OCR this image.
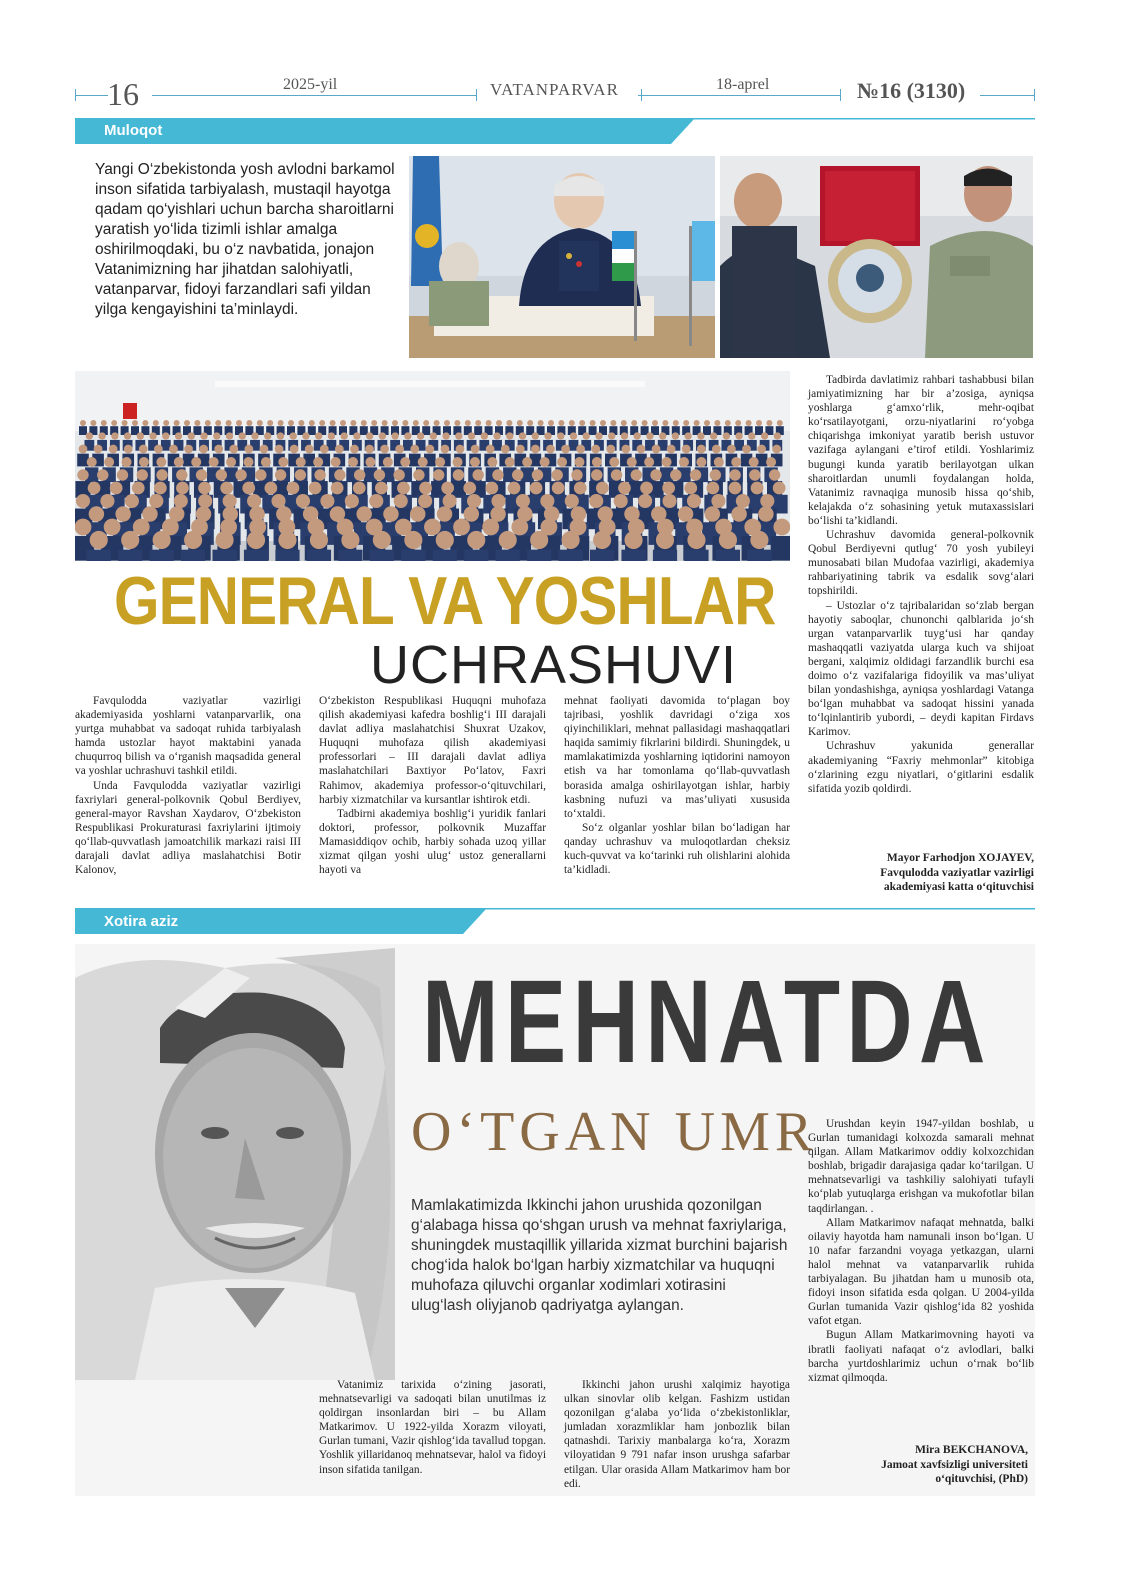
16	2025-yil	VATANPARVAR	18-aprel	№16 (3130)
Muloqot
Yangi O‘zbekistonda yosh avlodni barkamol inson sifatida tarbiyalash, mustaqil hayotga qadam qo‘yishlari uchun barcha sharoitlarni yaratish yo‘lida tizimli ishlar amalga oshirilmoqdaki, bu o‘z navbatida, jonajon Vatanimizning har jihatdan salohiyatli, vatanparvar, fidoyi farzandlari safi yildan yilga kengayishini ta’minlaydi.
GENERAL VA YOSHLAR
UCHRASHUVI

Favqulodda vaziyatlar vazirligi akademiyasida yoshlarni vatanparvarlik, ona yurtga muhabbat va sadoqat ruhida tarbiyalash hamda ustozlar hayot maktabini yanada chuqurroq bilish va o‘rganish maqsadida general va yoshlar uchrashuvi tashkil etildi.

Unda Favqulodda vaziyatlar vazirligi faxriylari general-polkovnik Qobul Berdiyev, general-mayor Ravshan Xaydarov, O‘zbekiston Respublikasi Prokuraturasi faxriylarini ijtimoiy qo‘llab-quvvatlash jamoatchilik markazi raisi III darajali davlat adliya maslahatchisi Botir Kalonov,

O‘zbekiston Respublikasi Huquqni muhofaza qilish akademiyasi kafedra boshlig‘i III darajali davlat adliya maslahatchisi Shuxrat Uzakov, Huquqni muhofaza qilish akademiyasi professorlari – III darajali davlat adliya maslahatchilari Baxtiyor Po‘latov, Faxri Rahimov, akademiya professor-o‘qituvchilari, harbiy xizmatchilar va kursantlar ishtirok etdi.

Tadbirni akademiya boshlig‘i yuridik fanlari doktori, professor, polkovnik Muzaffar Mamasiddiqov ochib, harbiy sohada uzoq yillar xizmat qilgan yoshi ulug‘ ustoz generallarni hayoti va

mehnat faoliyati davomida to‘plagan boy tajribasi, yoshlik davridagi o‘ziga xos qiyinchiliklari, mehnat pallasidagi mashaqqatlari haqida samimiy fikrlarini bildirdi. Shuningdek, u mamlakatimizda yoshlarning iqtidorini namoyon etish va har tomonlama qo‘llab-quvvatlash borasida amalga oshirilayotgan ishlar, harbiy kasbning nufuzi va mas’uliyati xususida to‘xtaldi.

So‘z olganlar yoshlar bilan bo‘ladigan har qanday uchrashuv va muloqotlardan cheksiz kuch-quvvat va ko‘tarinki ruh olishlarini alohida ta’kidladi.

Tadbirda davlatimiz rahbari tashabbusi bilan jamiyatimizning har bir a’zosiga, ayniqsa yoshlarga g‘amxo‘rlik, mehr-oqibat ko‘rsatilayotgani, orzu-niyatlarini ro‘yobga chiqarishga imkoniyat yaratib berish ustuvor vazifaga aylangani e’tirof etildi. Yoshlarimiz bugungi kunda yaratib berilayotgan ulkan sharoitlardan unumli foydalangan holda, Vatanimiz ravnaqiga munosib hissa qo‘shib, kelajakda o‘z sohasining yetuk mutaxassislari bo‘lishi ta’kidlandi.

Uchrashuv davomida general-polkovnik Qobul Berdiyevni qutlug‘ 70 yosh yubileyi munosabati bilan Mudofaa vazirligi, akademiya rahbariyatining tabrik va esdalik sovg‘alari topshirildi.

– Ustozlar o‘z tajribalaridan so‘zlab bergan hayotiy saboqlar, chunonchi qalblarida jo‘sh urgan vatanparvarlik tuyg‘usi har qanday mashaqqatli vaziyatda ularga kuch va shijoat bergani, xalqimiz oldidagi farzandlik burchi esa doimo o‘z vazifalariga fidoyilik va mas’uliyat bilan yondashishga, ayniqsa yoshlardagi Vatanga bo‘lgan muhabbat va sadoqat hissini yanada to‘lqinlantirib yubordi, – deydi kapitan Firdavs Karimov.

Uchrashuv yakunida generallar akademiyaning “Faxriy mehmonlar” kitobiga o‘zlarining ezgu niyatlari, o‘gitlarini esdalik sifatida yozib qoldirdi.

Mayor Farhodjon XOJAYEV,
Favqulodda vaziyatlar vazirligi
akademiyasi katta o‘qituvchisi
Xotira aziz
MEHNATDA
O‘TGAN UMR
Mamlakatimizda Ikkinchi jahon urushida qozonilgan g‘alabaga hissa qo‘shgan urush va mehnat faxriylariga, shuningdek mustaqillik yillarida xizmat burchini bajarish chog‘ida halok bo‘lgan harbiy xizmatchilar va huquqni muhofaza qiluvchi organlar xodimlari xotirasini ulug‘lash oliyjanob qadriyatga aylangan.

Vatanimiz tarixida o‘zining jasorati, mehnatsevarligi va sadoqati bilan unutilmas iz qoldirgan insonlardan biri – bu Allam Matkarimov. U 1922-yilda Xorazm viloyati, Gurlan tumani, Vazir qishlog‘ida tavallud topgan. Yoshlik yillaridanoq mehnatsevar, halol va fidoyi inson sifatida tanilgan.

Ikkinchi jahon urushi xalqimiz hayotiga ulkan sinovlar olib kelgan. Fashizm ustidan qozonilgan g‘alaba yo‘lida o‘zbekistonliklar, jumladan xorazmliklar ham jonbozlik bilan qatnashdi. Tarixiy manbalarga ko‘ra, Xorazm viloyatidan 9 791 nafar inson urushga safarbar etilgan. Ular orasida Allam Matkarimov ham bor edi.

Urushdan keyin 1947-yildan boshlab, u Gurlan tumanidagi kolxozda samarali mehnat qilgan. Allam Matkarimov oddiy kolxozchidan boshlab, brigadir darajasiga qadar ko‘tarilgan. U mehnatsevarligi va tashkiliy salohiyati tufayli ko‘plab yutuqlarga erishgan va mukofotlar bilan taqdirlangan. .

Allam Matkarimov nafaqat mehnatda, balki oilaviy hayotda ham namunali inson bo‘lgan. U 10 nafar farzandni voyaga yetkazgan, ularni halol mehnat va vatanparvarlik ruhida tarbiyalagan. Bu jihatdan ham u munosib ota, fidoyi inson sifatida esda qolgan. U 2004-yilda Gurlan tumanida Vazir qishlog‘ida 82 yoshida vafot etgan.

Bugun Allam Matkarimovning hayoti va ibratli faoliyati nafaqat o‘z avlodlari, balki barcha yurtdoshlarimiz uchun o‘rnak bo‘lib xizmat qilmoqda.

Mira BEKCHANOVA,
Jamoat xavfsizligi universiteti
o‘qituvchisi, (PhD)
